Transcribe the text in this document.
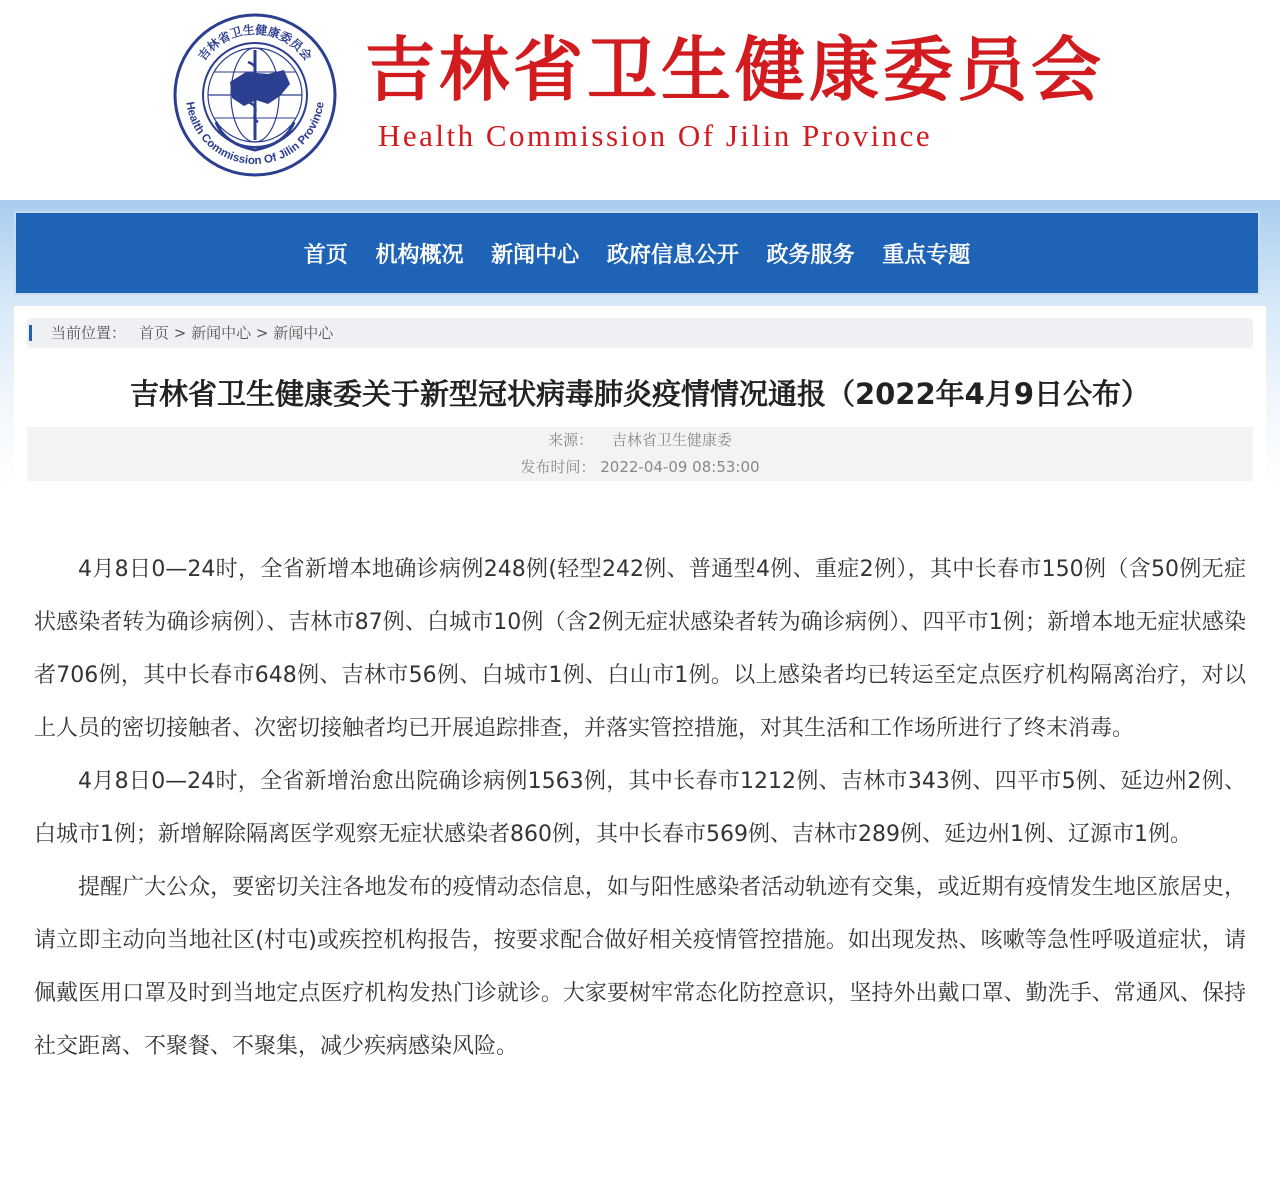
吉林省卫生健康委员会
Health Commission Of Jilin Province 吉林省卫生健康委员会
Health Commission Of Jilin Province
首页 机构概况 新闻中心 政府信息公开 政务服务 重点专题
当前位置： 首页 > 新闻中心 > 新闻中心
吉林省卫生健康委关于新型冠状病毒肺炎疫情情况通报（2022年4月9日公布）
来源： 吉林省卫生健康委
发布时间： 2022-04-09 08:53:00

4月8日0—24时，全省新增本地确诊病例248例(轻型242例、普通型4例、重症2例），其中长春市150例（含50例无症状感染者转为确诊病例）、吉林市87例、白城市10例（含2例无症状感染者转为确诊病例）、四平市1例；新增本地无症状感染者706例，其中长春市648例、吉林市56例、白城市1例、白山市1例。以上感染者均已转运至定点医疗机构隔离治疗，对以上人员的密切接触者、次密切接触者均已开展追踪排查，并落实管控措施，对其生活和工作场所进行了终末消毒。

4月8日0—24时，全省新增治愈出院确诊病例1563例，其中长春市1212例、吉林市343例、四平市5例、延边州2例、白城市1例；新增解除隔离医学观察无症状感染者860例，其中长春市569例、吉林市289例、延边州1例、辽源市1例。

提醒广大公众，要密切关注各地发布的疫情动态信息，如与阳性感染者活动轨迹有交集，或近期有疫情发生地区旅居史，请立即主动向当地社区(村屯)或疾控机构报告，按要求配合做好相关疫情管控措施。如出现发热、咳嗽等急性呼吸道症状，请佩戴医用口罩及时到当地定点医疗机构发热门诊就诊。大家要树牢常态化防控意识，坚持外出戴口罩、勤洗手、常通风、保持社交距离、不聚餐、不聚集，减少疾病感染风险。
